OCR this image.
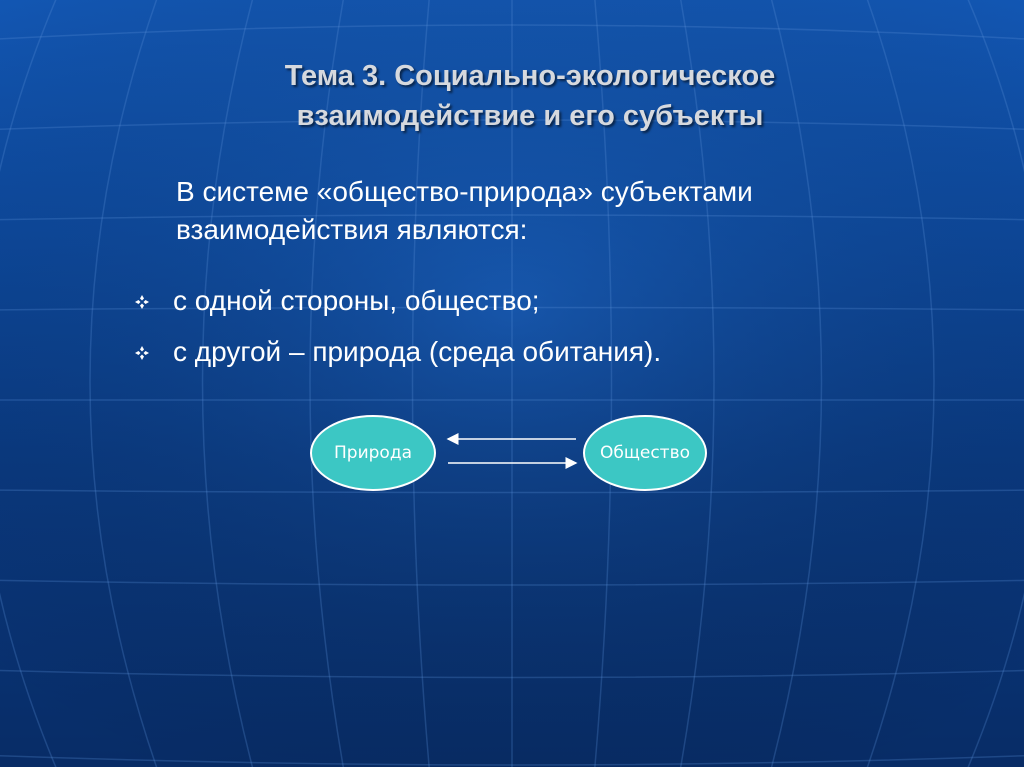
Тема 3. Социально-экологическое взаимодействие и его субъекты
В системе «общество-природа» субъектами взаимодействия являются:
с одной стороны, общество;
с другой – природа (среда обитания).
Природа	Общество
